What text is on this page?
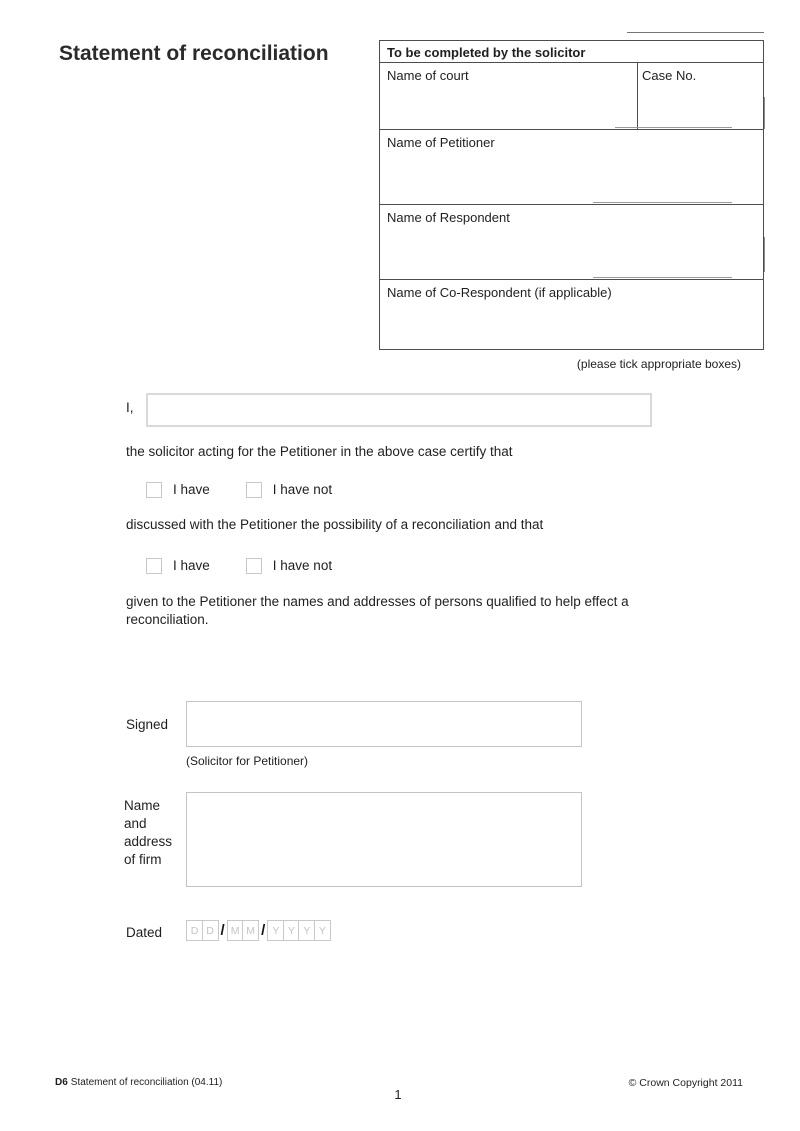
Statement of reconciliation	To be completed by the solicitor
Name of court	Case No.
Name of Petitioner
Name of Respondent
Name of Co-Respondent (if applicable)
(please tick appropriate boxes)
I,
the solicitor acting for the Petitioner in the above case certify that
I have	I have not
discussed with the Petitioner the possibility of a reconciliation and that
I have	I have not
given to the Petitioner the names and addresses of persons qualified to help effect a reconciliation.
Signed
(Solicitor for Petitioner)
Name and address of firm
Dated	D D / M M / Y Y Y Y
D6 Statement of reconciliation (04.11)	© Crown Copyright 2011
1
